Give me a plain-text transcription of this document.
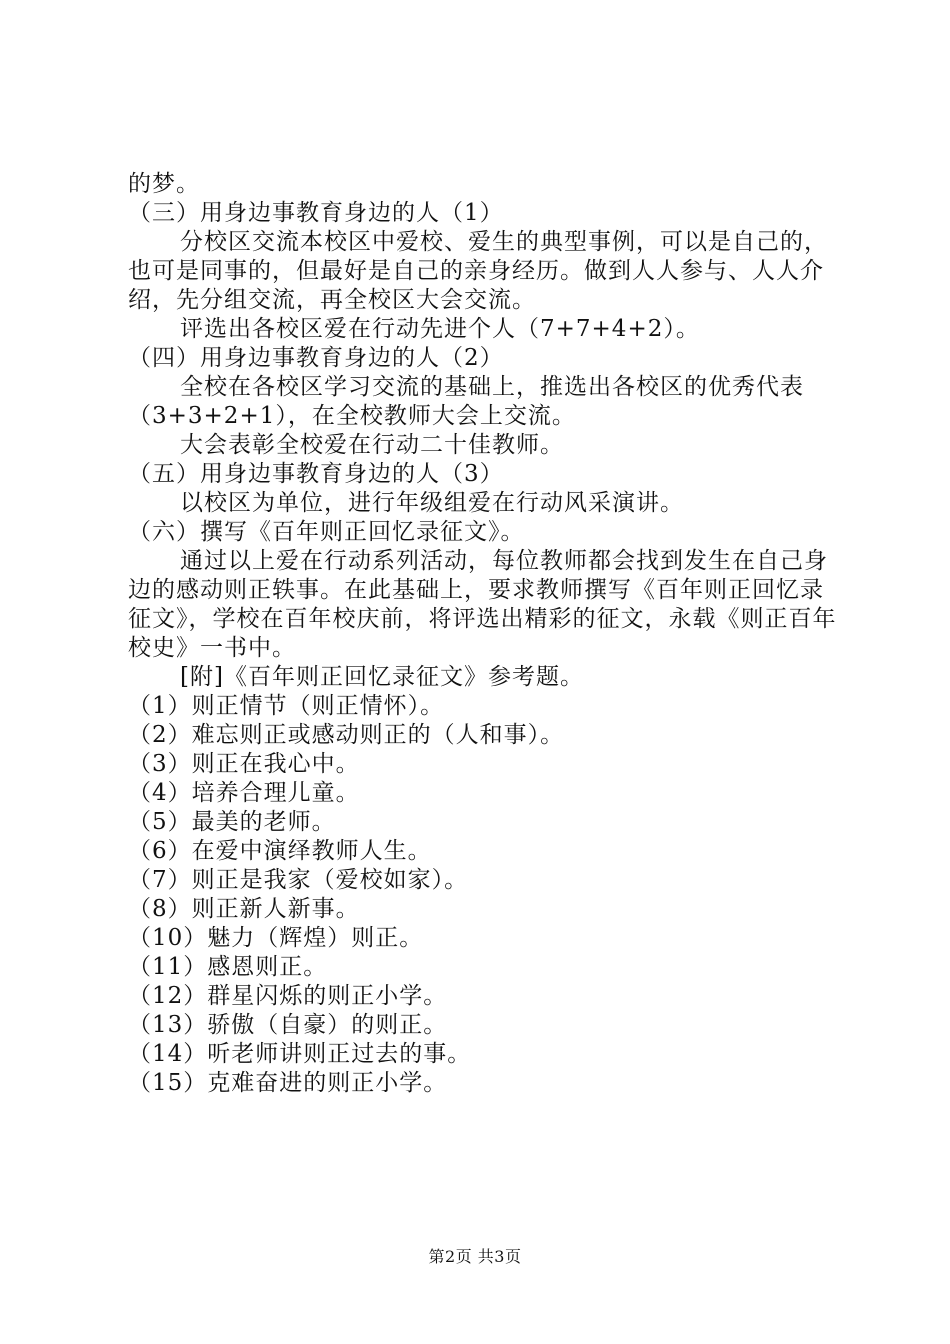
的梦。

（三）用身边事教育身边的人（1）

分校区交流本校区中爱校、爱生的典型事例，可以是自己的，也可是同事的，但最好是自己的亲身经历。做到人人参与、人人介绍，先分组交流，再全校区大会交流。

评选出各校区爱在行动先进个人（7+7+4+2）。

（四）用身边事教育身边的人（2）

全校在各校区学习交流的基础上，推选出各校区的优秀代表（3+3+2+1），在全校教师大会上交流。

大会表彰全校爱在行动二十佳教师。

（五）用身边事教育身边的人（3）

以校区为单位，进行年级组爱在行动风采演讲。

（六）撰写《百年则正回忆录征文》。

通过以上爱在行动系列活动，每位教师都会找到发生在自己身边的感动则正轶事。在此基础上，要求教师撰写《百年则正回忆录征文》，学校在百年校庆前，将评选出精彩的征文，永载《则正百年校史》一书中。

[附]《百年则正回忆录征文》参考题。

（1）则正情节（则正情怀）。

（2）难忘则正或感动则正的（人和事）。

（3）则正在我心中。

（4）培养合理儿童。

（5）最美的老师。

（6）在爱中演绎教师人生。

（7）则正是我家（爱校如家）。

（8）则正新人新事。

（10）魅力（辉煌）则正。

（11）感恩则正。

（12）群星闪烁的则正小学。

（13）骄傲（自豪）的则正。

（14）听老师讲则正过去的事。

（15）克难奋进的则正小学。

第2页 共3页
